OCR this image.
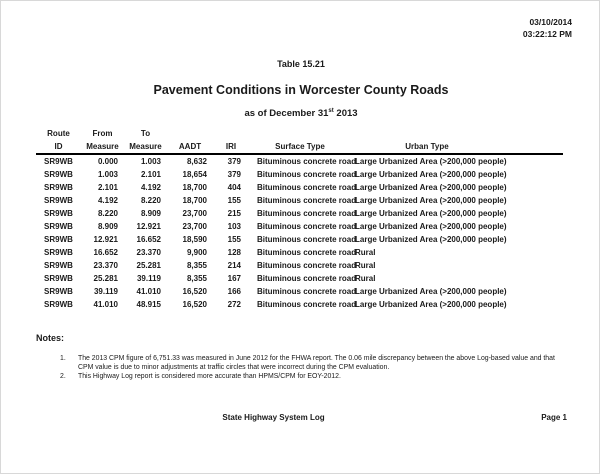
03/10/2014
03:22:12 PM
Table 15.21
Pavement Conditions in Worcester County Roads
as of December 31st 2013
Route	From	To				
ID	Measure	Measure	AADT	IRI	Surface Type	Urban Type
SR9WB	0.000	1.003	8,632	379	Bituminous concrete road	Large Urbanized Area (>200,000 people)
SR9WB	1.003	2.101	18,654	379	Bituminous concrete road	Large Urbanized Area (>200,000 people)
SR9WB	2.101	4.192	18,700	404	Bituminous concrete road	Large Urbanized Area (>200,000 people)
SR9WB	4.192	8.220	18,700	155	Bituminous concrete road	Large Urbanized Area (>200,000 people)
SR9WB	8.220	8.909	23,700	215	Bituminous concrete road	Large Urbanized Area (>200,000 people)
SR9WB	8.909	12.921	23,700	103	Bituminous concrete road	Large Urbanized Area (>200,000 people)
SR9WB	12.921	16.652	18,590	155	Bituminous concrete road	Large Urbanized Area (>200,000 people)
SR9WB	16.652	23.370	9,900	128	Bituminous concrete road	Rural
SR9WB	23.370	25.281	8,355	214	Bituminous concrete road	Rural
SR9WB	25.281	39.119	8,355	167	Bituminous concrete road	Rural
SR9WB	39.119	41.010	16,520	166	Bituminous concrete road	Large Urbanized Area (>200,000 people)
SR9WB	41.010	48.915	16,520	272	Bituminous concrete road	Large Urbanized Area (>200,000 people)
Notes:
1.	The 2013 CPM figure of 6,751.33 was measured in June 2012 for the FHWA report. The 0.06 mile discrepancy between the above Log-based value and that CPM value is due to minor adjustments at traffic circles that were incorrect during the CPM evaluation.
2.	This Highway Log report is considered more accurate than HPMS/CPM for EOY-2012.
State Highway System Log	Page 1
